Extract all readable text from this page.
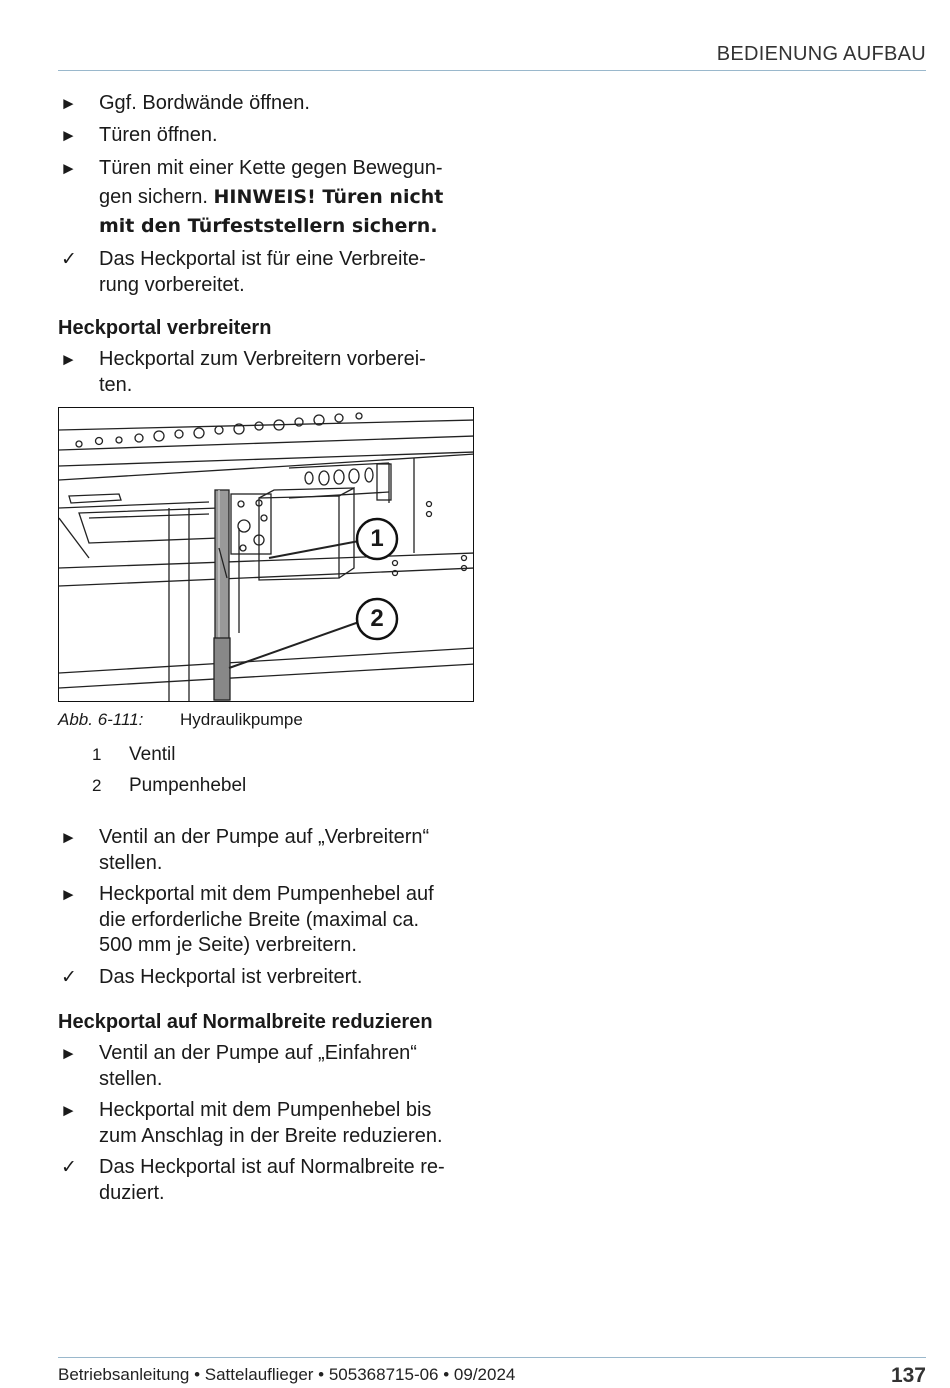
BEDIENUNG AUFBAU
► Ggf. Bordwände öffnen.
► Türen öffnen.
► Türen mit einer Kette gegen Bewegun-
gen sichern. HINWEIS! Türen nicht mit den Türfeststellern sichern.
✓ Das Heckportal ist für eine Verbreite-
rung vorbereitet.
Heckportal verbreitern
► Heckportal zum Verbreitern vorberei-
ten.
1
2
Abb. 6-111: Hydraulikpumpe
1 Ventil
2 Pumpenhebel
► Ventil an der Pumpe auf „Verbreitern“
stellen.
► Heckportal mit dem Pumpenhebel auf
die erforderliche Breite (maximal ca.
500 mm je Seite) verbreitern.
✓ Das Heckportal ist verbreitert.
Heckportal auf Normalbreite reduzieren
► Ventil an der Pumpe auf „Einfahren“
stellen.
► Heckportal mit dem Pumpenhebel bis
zum Anschlag in der Breite reduzieren.
✓ Das Heckportal ist auf Normalbreite re-
duziert.
Betriebsanleitung • Sattelauflieger • 505368715-06 • 09/2024	137
